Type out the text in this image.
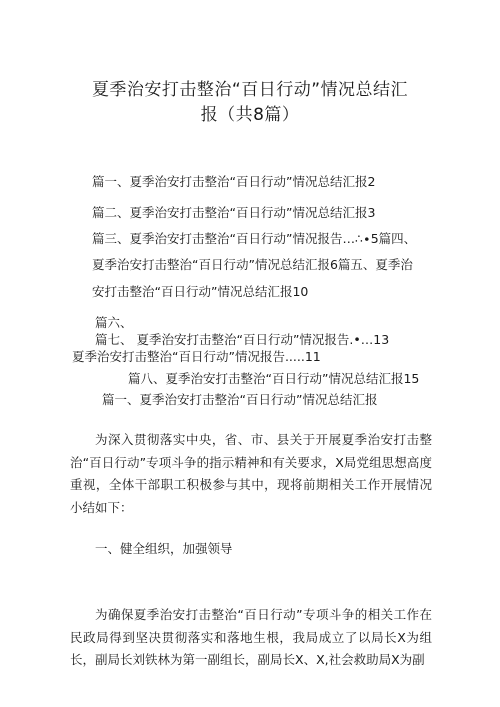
夏季治安打击整治“百日行动”情况总结汇
报（共8篇）
篇一、夏季治安打击整治“百日行动”情况总结汇报2
篇二、夏季治安打击整治“百日行动”情况总结汇报3
篇三、夏季治安打击整治“百日行动”情况报告…∴∙5篇四、
夏季治安打击整治“百日行动”情况总结汇报6篇五、夏季治
安打击整治“百日行动”情况总结汇报10
篇六、
篇七、 夏季治安打击整治“百日行动”情况报告.•…13
夏季治安打击整治“百日行动”情况报告.....11
篇八、夏季治安打击整治“百日行动”情况总结汇报15
篇一、夏季治安打击整治“百日行动”情况总结汇报
为深入贯彻落实中央，省、市、县关于开展夏季治安打击整治“百日行动”专项斗争的指示精神和有关要求，X局党组思想高度重视，全体干部职工积极参与其中，现将前期相关工作开展情况小结如下：
一、健全组织，加强领导
为确保夏季治安打击整治“百日行动”专项斗争的相关工作在民政局得到坚决贯彻落实和落地生根，我局成立了以局长X为组长，副局长刘铁林为第一副组长，副局长X、X,社会救助局X为副
